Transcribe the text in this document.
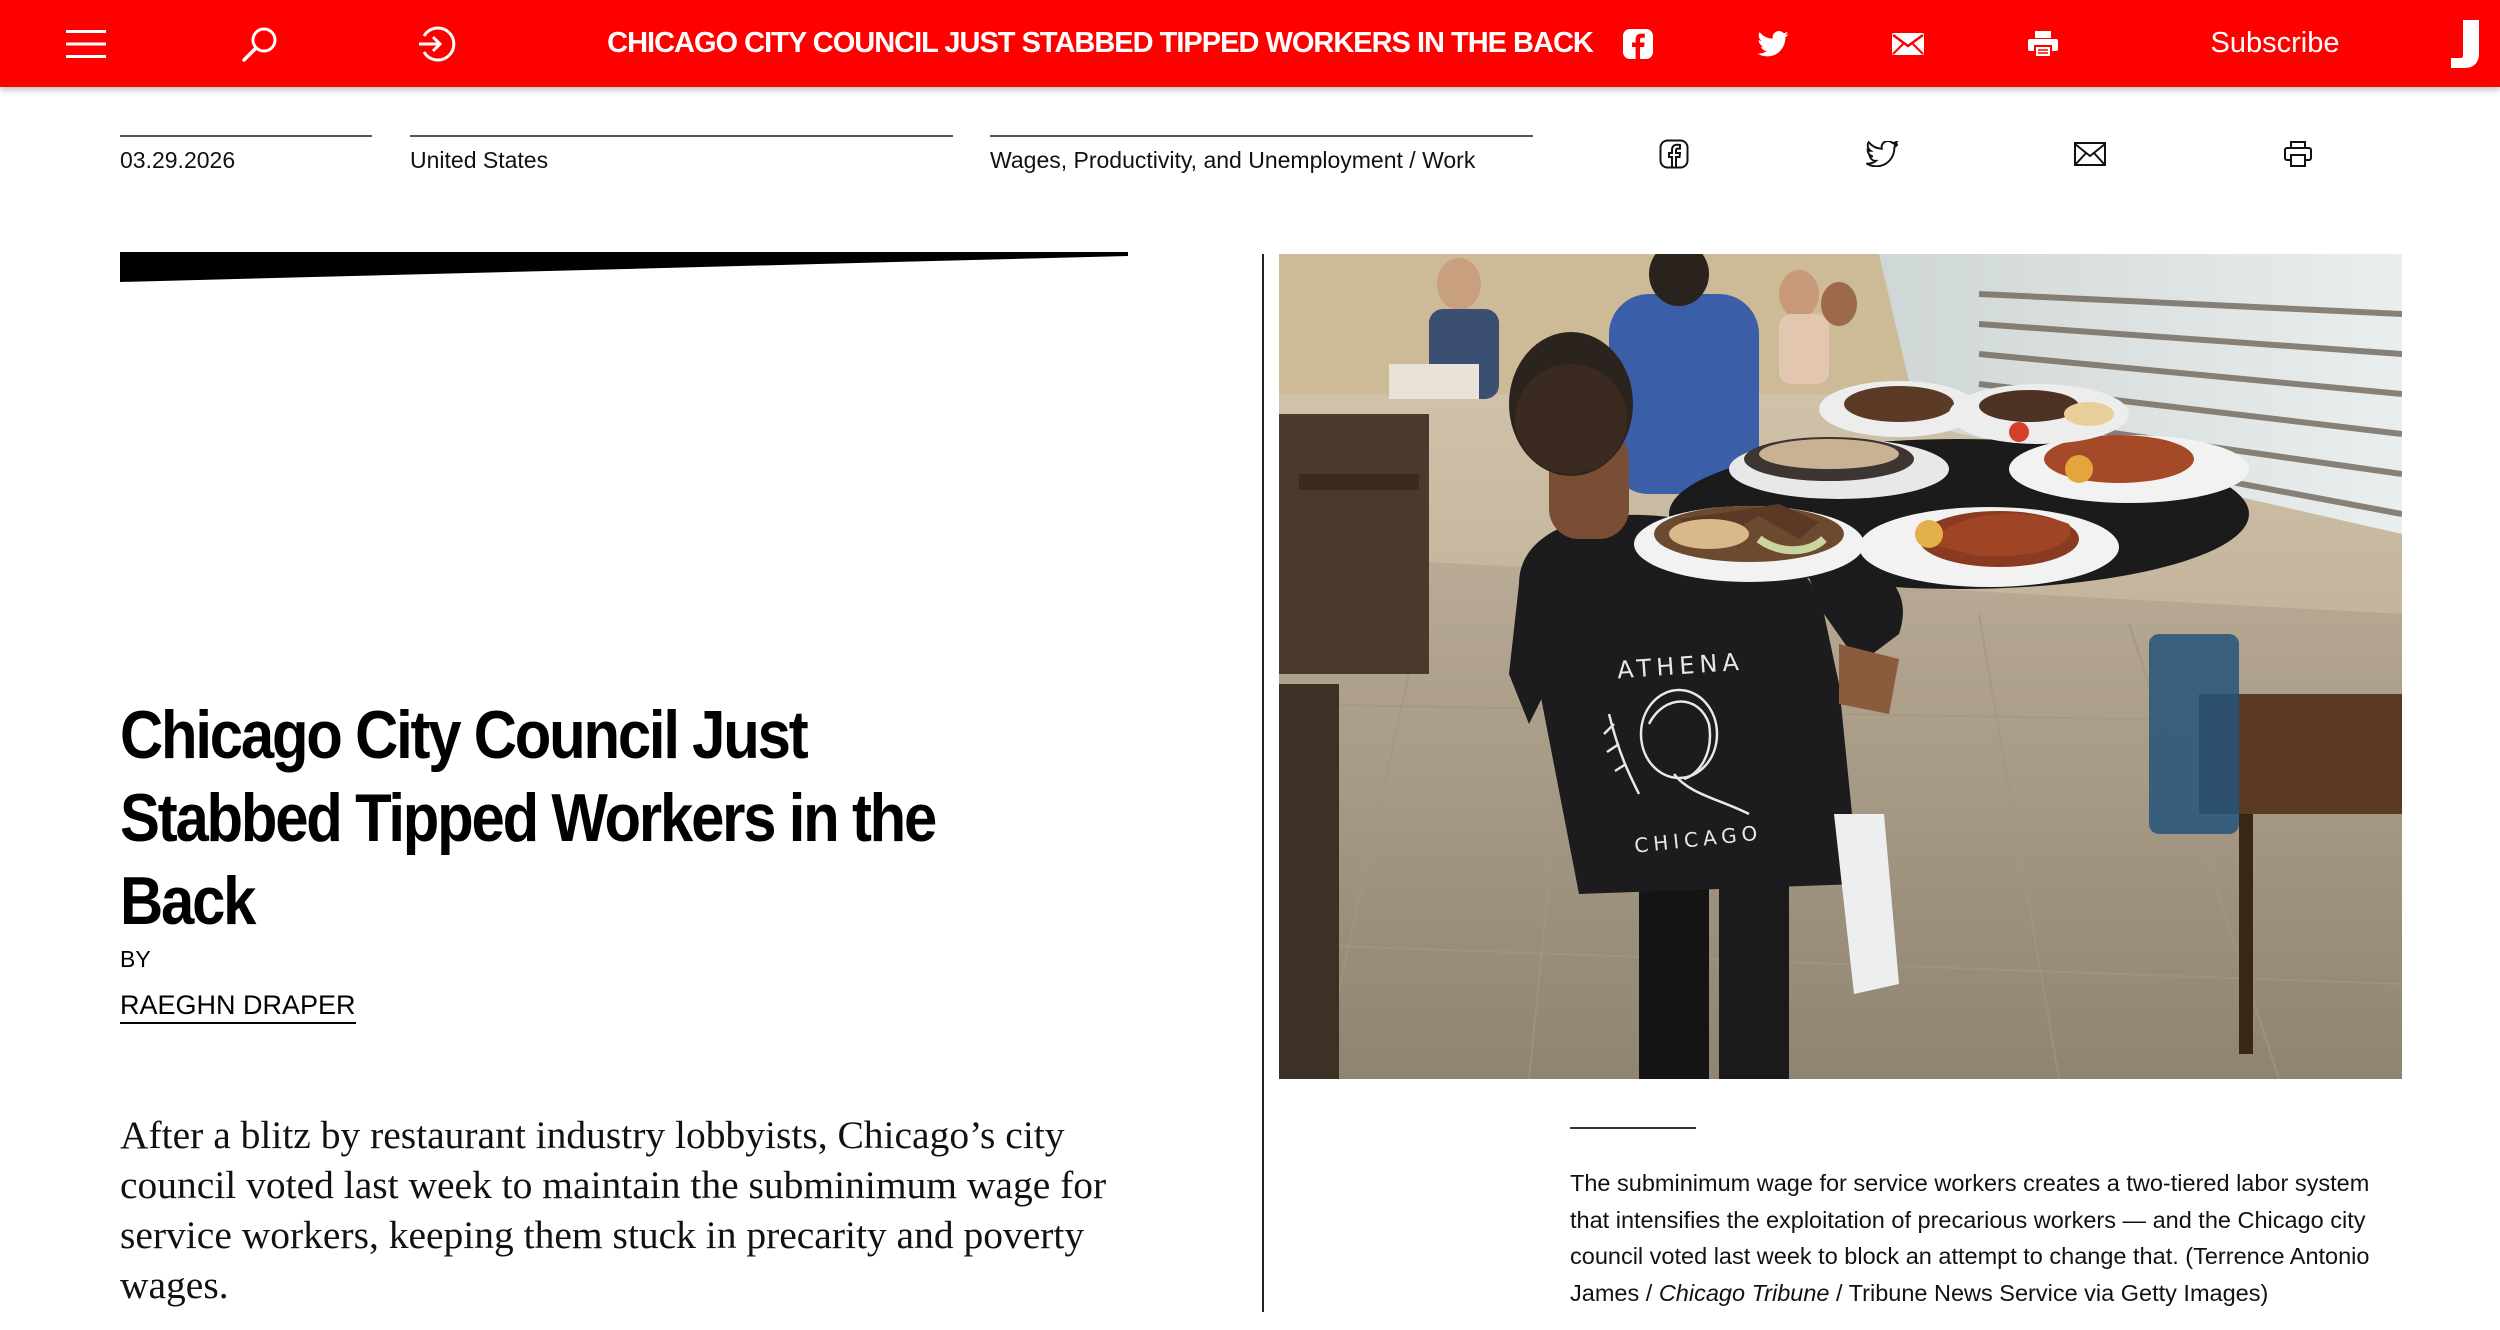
CHICAGO CITY COUNCIL JUST STABBED TIPPED WORKERS IN THE BACK	Subscribe
03.29.2026	United States	Wages, Productivity, and Unemployment / Work
Chicago City Council Just Stabbed Tipped Workers in the Back
BY
RAEGHN DRAPER

After a blitz by restaurant industry lobbyists, Chicago’s city council voted last week to maintain the subminimum wage for service workers, keeping them stuck in precarity and poverty wages.

ATHENA
CHICAGO

The subminimum wage for service workers creates a two-tiered labor system that intensifies the exploitation of precarious workers — and the Chicago city council voted last week to block an attempt to change that. (Terrence Antonio James / Chicago Tribune / Tribune News Service via Getty Images)
